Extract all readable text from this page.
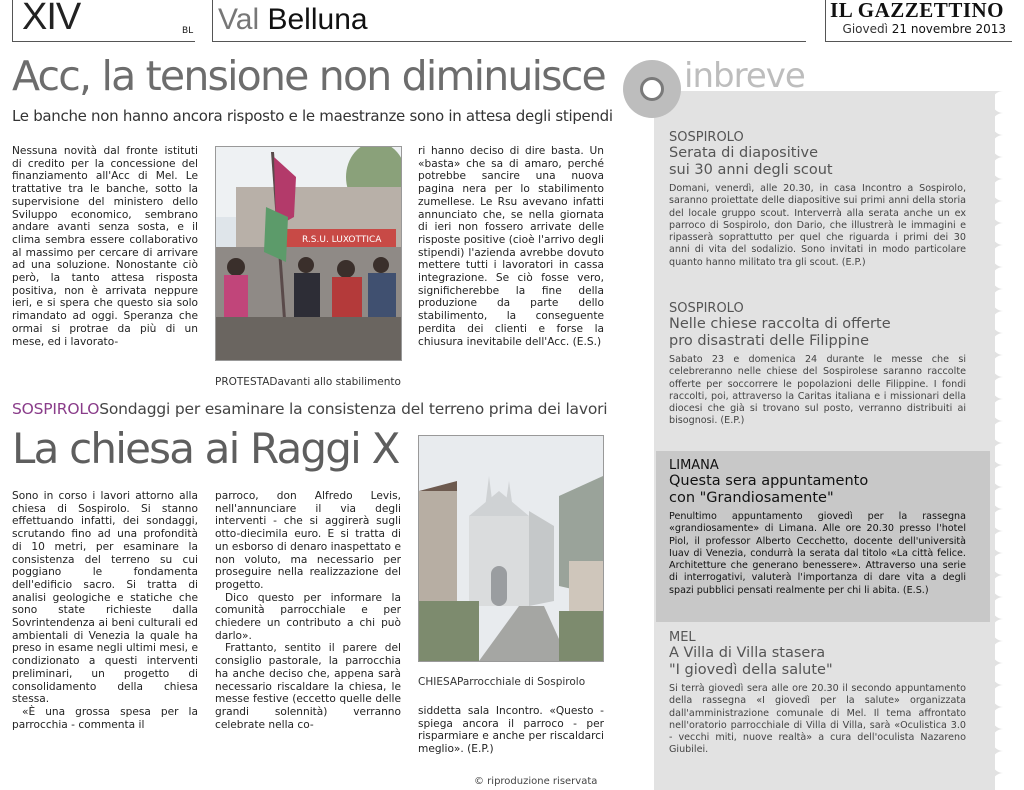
XIV	BL Val Belluna	IL GAZZETTINO
Giovedì 21 novembre 2013
Acc, la tensione non diminuisce
Le banche non hanno ancora risposto e le maestranze sono in attesa degli stipendi
Nessuna novità dal fronte istituti di credito per la concessione del finanziamento all'Acc di Mel. Le trattative tra le banche, sotto la supervisione del ministero dello Sviluppo economico, sembrano andare avanti senza sosta, e il clima sembra essere collaborativo al massimo per cercare di arrivare ad una soluzione. Nonostante ciò però, la tanto attesa risposta positiva, non è arrivata neppure ieri, e si spera che questo sia solo rimandato ad oggi. Speranza che ormai si protrae da più di un mese, ed i lavorato-
R.S.U. LUXOTTICA
PROTESTADavanti allo stabilimento
ri hanno deciso di dire basta. Un «basta» che sa di amaro, perché potrebbe sancire una nuova pagina nera per lo stabilimento zumellese. Le Rsu avevano infatti annunciato che, se nella giornata di ieri non fossero arrivate delle risposte positive (cioè l'arrivo degli stipendi) l'azienda avrebbe dovuto mettere tutti i lavoratori in cassa integrazione. Se ciò fosse vero, significherebbe la fine della produzione da parte dello stabilimento, la conseguente perdita dei clienti e forse la chiusura inevitabile dell'Acc. (E.S.)
SOSPIROLOSondaggi per esaminare la consistenza del terreno prima dei lavori
La chiesa ai Raggi X
Sono in corso i lavori attorno alla chiesa di Sospirolo. Si stanno effettuando infatti, dei sondaggi, scrutando fino ad una profondità di 10 metri, per esaminare la consistenza del terreno su cui poggiano le fondamenta dell'edificio sacro. Si tratta di analisi geologiche e statiche che sono state richieste dalla Sovrintendenza ai beni culturali ed ambientali di Venezia la quale ha preso in esame negli ultimi mesi, e condizionato a questi interventi preliminari, un progetto di consolidamento della chiesa stessa.
«È una grossa spesa per la parrocchia - commenta il
parroco, don Alfredo Levis, nell'annunciare il via degli interventi - che si aggirerà sugli otto-diecimila euro. E si tratta di un esborso di denaro inaspettato e non voluto, ma necessario per proseguire nella realizzazione del progetto.
Dico questo per informare la comunità parrocchiale e per chiedere un contributo a chi può darlo».
Frattanto, sentito il parere del consiglio pastorale, la parrocchia ha anche deciso che, appena sarà necessario riscaldare la chiesa, le messe festive (eccetto quelle delle grandi solennità) verranno celebrate nella co-
CHIESAParrocchiale di Sospirolo
siddetta sala Incontro. «Questo - spiega ancora il parroco - per risparmiare e anche per riscaldarci meglio». (E.P.)
© riproduzione riservata
inbreve

SOSPIROLO

Serata di diapositive
sui 30 anni degli scout

Domani, venerdì, alle 20.30, in casa Incontro a Sospirolo, saranno proiettate delle diapositive sui primi anni della storia del locale gruppo scout. Interverrà alla serata anche un ex parroco di Sospirolo, don Dario, che illustrerà le immagini e ripasserà soprattutto per quel che riguarda i primi dei 30 anni di vita del sodalizio. Sono invitati in modo particolare quanto hanno militato tra gli scout. (E.P.)

SOSPIROLO

Nelle chiese raccolta di offerte
pro disastrati delle Filippine

Sabato 23 e domenica 24 durante le messe che si celebreranno nelle chiese del Sospirolese saranno raccolte offerte per soccorrere le popolazioni delle Filippine. I fondi raccolti, poi, attraverso la Caritas italiana e i missionari della diocesi che già si trovano sul posto, verranno distribuiti ai bisognosi. (E.P.)

LIMANA

Questa sera appuntamento
con "Grandiosamente"

Penultimo appuntamento giovedì per la rassegna «grandiosamente» di Limana. Alle ore 20.30 presso l'hotel Piol, il professor Alberto Cecchetto, docente dell'università Iuav di Venezia, condurrà la serata dal titolo «La città felice. Architetture che generano benessere». Attraverso una serie di interrogativi, valuterà l'importanza di dare vita a degli spazi pubblici pensati realmente per chi li abita. (E.S.)

MEL

A Villa di Villa stasera
"I giovedì della salute"

Si terrà giovedì sera alle ore 20.30 il secondo appuntamento della rassegna «I giovedì per la salute» organizzata dall'amministrazione comunale di Mel. Il tema affrontato nell'oratorio parrocchiale di Villa di Villa, sarà «Oculistica 3.0 - vecchi miti, nuove realtà» a cura dell'oculista Nazareno Giubilei.
